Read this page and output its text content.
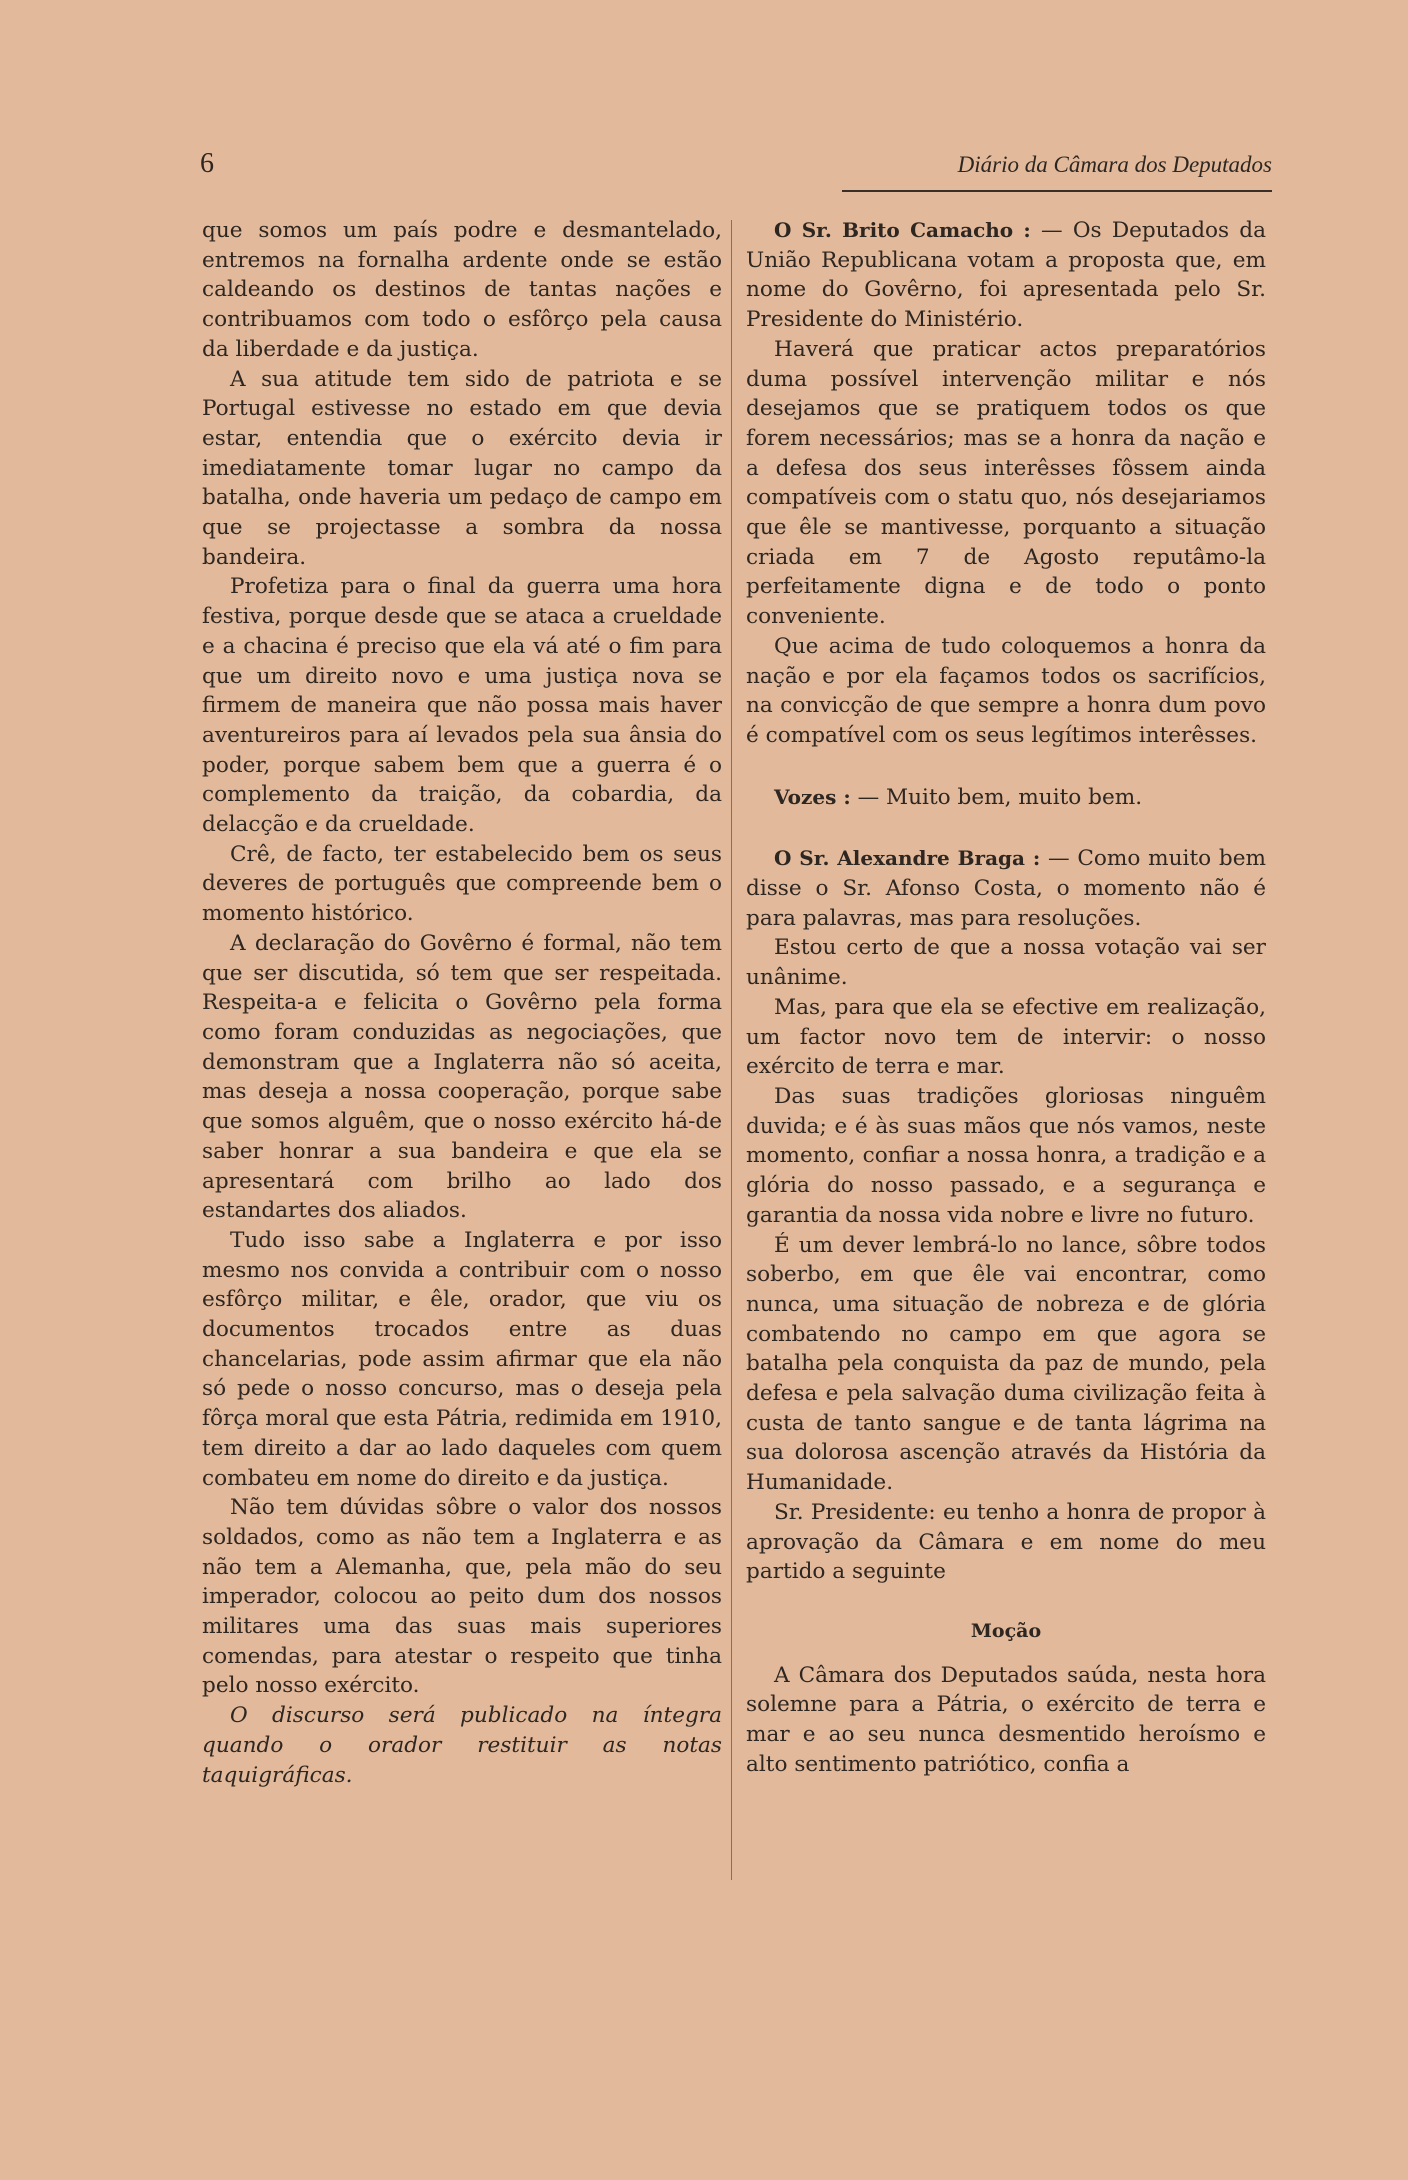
6	Diário da Câmara dos Deputados

que somos um país podre e desmantelado, entremos na fornalha ardente onde se estão caldeando os destinos de tantas nações e contribuamos com todo o esfôrço pela causa da liberdade e da justiça.

A sua atitude tem sido de patriota e se Portugal estivesse no estado em que devia estar, entendia que o exército devia ir imediatamente tomar lugar no campo da batalha, onde haveria um pedaço de campo em que se projectasse a sombra da nossa bandeira.

Profetiza para o final da guerra uma hora festiva, porque desde que se ataca a crueldade e a chacina é preciso que ela vá até o fim para que um direito novo e uma justiça nova se firmem de maneira que não possa mais haver aventureiros para aí levados pela sua ânsia do poder, porque sabem bem que a guerra é o complemento da traição, da cobardia, da delacção e da crueldade.

Crê, de facto, ter estabelecido bem os seus deveres de português que compreende bem o momento histórico.

A declaração do Govêrno é formal, não tem que ser discutida, só tem que ser respeitada. Respeita-a e felicita o Govêrno pela forma como foram conduzidas as negociações, que demonstram que a Inglaterra não só aceita, mas deseja a nossa cooperação, porque sabe que somos alguêm, que o nosso exército há-de saber honrar a sua bandeira e que ela se apresentará com brilho ao lado dos estandartes dos aliados.

Tudo isso sabe a Inglaterra e por isso mesmo nos convida a contribuir com o nosso esfôrço militar, e êle, orador, que viu os documentos trocados entre as duas chancelarias, pode assim afirmar que ela não só pede o nosso concurso, mas o deseja pela fôrça moral que esta Pátria, redimida em 1910, tem direito a dar ao lado daqueles com quem combateu em nome do direito e da justiça.

Não tem dúvidas sôbre o valor dos nossos soldados, como as não tem a Inglaterra e as não tem a Alemanha, que, pela mão do seu imperador, colocou ao peito dum dos nossos militares uma das suas mais superiores comendas, para atestar o respeito que tinha pelo nosso exército.

O discurso será publicado na íntegra quando o orador restituir as notas taquigráficas.

O Sr. Brito Camacho : — Os Deputados da União Republicana votam a proposta que, em nome do Govêrno, foi apresentada pelo Sr. Presidente do Ministério.

Haverá que praticar actos preparatórios duma possível intervenção militar e nós desejamos que se pratiquem todos os que forem necessários; mas se a honra da nação e a defesa dos seus interêsses fôssem ainda compatíveis com o statu quo, nós desejariamos que êle se mantivesse, porquanto a situação criada em 7 de Agosto reputâmo-la perfeitamente digna e de todo o ponto conveniente.

Que acima de tudo coloquemos a honra da nação e por ela façamos todos os sacrifícios, na convicção de que sempre a honra dum povo é compatível com os seus legítimos interêsses.

Vozes : — Muito bem, muito bem.

O Sr. Alexandre Braga : — Como muito bem disse o Sr. Afonso Costa, o momento não é para palavras, mas para resoluções.

Estou certo de que a nossa votação vai ser unânime.

Mas, para que ela se efective em realização, um factor novo tem de intervir: o nosso exército de terra e mar.

Das suas tradições gloriosas ninguêm duvida; e é às suas mãos que nós vamos, neste momento, confiar a nossa honra, a tradição e a glória do nosso passado, e a segurança e garantia da nossa vida nobre e livre no futuro.

É um dever lembrá-lo no lance, sôbre todos soberbo, em que êle vai encontrar, como nunca, uma situação de nobreza e de glória combatendo no campo em que agora se batalha pela conquista da paz de mundo, pela defesa e pela salvação duma civilização feita à custa de tanto sangue e de tanta lágrima na sua dolorosa ascenção através da História da Humanidade.

Sr. Presidente: eu tenho a honra de propor à aprovação da Câmara e em nome do meu partido a seguinte

Moção

A Câmara dos Deputados saúda, nesta hora solemne para a Pátria, o exército de terra e mar e ao seu nunca desmentido heroísmo e alto sentimento patriótico, confia a
